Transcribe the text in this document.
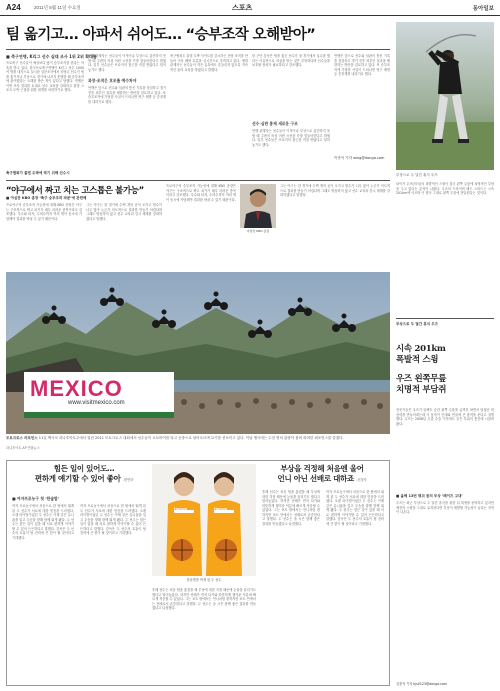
A24	2011년 5월 11일 수요일	스포츠	동아일보
팀 옮기고… 아파서 쉬어도… “승부조작 오해받아”
■ 축구연맹, K리그 선수 실태 조사 1위 2위 확대를
프로축구 선수들이 예상보다 많이 승부조작을 한다는 의혹을 받고 있다. 한국프로축구연맹이 K리그 선수 1000여 명을 대상으로 실시한 설문조사에서 상당수 선수가 팀을 옮기거나 부상으로 경기에 나서지 못했을 때 승부조작에 관여했다는 오해를 받은 적이 있다고 답했다. 연맹은 이번 조사 결과를 토대로 선수 교육을 강화하고 불법 스포츠 도박 근절을 위한 대책을 마련하기로 했다.
축구협회가 불법 도박에 막기 위해 선수시
연맹 관계자는 선수들이 이적이나 부상으로 출전하지 못할 때 주변의 의심 어린 시선을 가장 힘들어한다고 밝혔다. 일부 선수들은 브로커의 접근을 직접 받았다고 털어놓기도 했다.
과장-조작은 호조를 예수처야
연맹은 앞으로 선수와 심판의 통신 기록을 점검하고 경기 전후 외부인 접촉을 제한하는 방안을 검토하고 있다. 또 승부조작에 가담한 사실이 드러나면 영구 제명 등 중징계를 내리기로 했다.
축구협회도 불법 도박 사이트를 감시하는 전담 조직을 만들어 이상 베팅 흐름을 실시간으로 추적하고 있다. 협회 관계자는 선수들이 작은 유혹에도 흔들리지 않도록 지속적인 윤리 교육을 하겠다고 말했다.
한 구단 감독은 팀을 옮긴 선수가 첫 경기에서 실수를 했다는 이유만으로 의심을 받는 것은 부당하다며 선수들을 보호할 장치가 필요하다고 강조했다.
선수·심판 통제 새로운 구조
연맹 관계자는 선수들이 이적이나 부상으로 출전하지 못할 때 주변의 의심 어린 시선을 가장 힘들어한다고 밝혔다. 일부 선수들은 브로커의 접근을 직접 받았다고 털어놓기도 했다.
연맹은 앞으로 선수와 심판의 통신 기록을 점검하고 경기 전후 외부인 접촉을 제한하는 방안을 검토하고 있다. 또 승부조작에 가담한 사실이 드러나면 영구 제명 등 중징계를 내리기로 했다.
이종석 기자 wing@donga.com
“야구에서 짜고 치는 고스톱은 불가능”
■ 야심찬 KBO 총장 ‘축구 승부조작 파문’에 관련해
프로야구의 승부조작 가능성에 대해 KBO 총장은 야구는 구조적으로 짜고 치기가 매우 어려운 종목이라고 강조했다. 투수와 타자, 수비수까지 여러 명이 동시에 가담해야 결과를 바꿀 수 있기 때문이다.
그는 야구는 한 경기에 수백 개의 공이 오가고 변수가 너무 많아 누군가 의도적으로 결과를 만들기 어렵다며 그래도 방심하지 않고 선수 교육과 감시 체계를 강화하겠다고 말했다.
프로야구의 승부조작 가능성에 대해 KBO 총장은 야구는 구조적으로 짜고 치기가 매우 어려운 종목이라고 강조했다. 투수와 타자, 수비수까지 여러 명이 동시에 가담해야 결과를 바꿀 수 있기 때문이다.
야심찬 KBO 총장
그는 야구는 한 경기에 수백 개의 공이 오가고 변수가 너무 많아 누군가 의도적으로 결과를 만들기 어렵다며 그래도 방심하지 않고 선수 교육과 감시 체계를 강화하겠다고 말했다.
MEXICO
www.visitmexico.com
모토크로스 퍼포먼스 11일 멕시코 과나후아토주에서 열린 2011 모토크로스 대회에서 선수들이 오토바이를 타고 공중으로 날아오르며 묘기를 선보이고 있다. 이날 행사에는 수천 명의 관중이 몰려 화려한 퍼포먼스를 즐겼다.
과나후아토 AP 연합뉴스
부상으로 두 달간 휴식 우즈
타이거 우즈(미국)의 폭발적인 스윙이 결국 왼쪽 무릎에 치명적인 부담을 주고 있다는 분석이 나왔다. 우즈의 드라이버 헤드 스피드는 시속 201km에 이르며 이 힘이 그대로 왼쪽 무릎에 전달된다는 것이다.
부상으로 두 달간 휴식 우즈
시속 201km
폭발적 스윙
우즈 왼쪽무릎
치명적 부담쥐
전문가들은 우즈가 임팩트 순간 왼쪽 무릎을 급격히 펴면서 엄청난 회전력을 만들어내는데 이 동작이 인대와 연골에 큰 충격을 준다고 설명했다. 우즈는 2008년 무릎 수술 이후에도 같은 부위의 통증에 시달려 왔다.
■ 올해 13번 평위 꿈의 부상 ‘페이즈 고대’
우즈는 최근 부상으로 두 달간 휴식을 취한 뒤 복귀를 준비하고 있지만 예전의 스윙을 그대로 유지한다면 부상이 재발할 가능성이 높다는 지적이 나온다.
김종석 기자 kjs0123@donga.com
힘든 일이 있어도…
편하게 얘기할 수 있어 좋아 -변연하
부상을 걱정해 처음엔 울어
언니 아닌 선배로 대하죠 -신정자
Hanwa	Hanwa
한솥밥을 먹게 된 두 선수
■ 여자프로농구 첫 ‘한솥밥’
여자 프로농구에서 처음으로 한 팀에서 뛰게 된 두 선수가 서로에 대한 믿음을 드러냈다. 오랜 라이벌이었던 두 선수는 이제 같은 유니폼을 입고 우승을 향해 함께 뛰게 됐다. 두 선수는 힘든 일이 있을 때 서로 편하게 이야기할 수 있어 든든하다고 말했다. 감독은 두 선수의 호흡이 팀 전력에 큰 힘이 될 것이라고 기대했다.
여자 프로농구에서 처음으로 한 팀에서 뛰게 된 두 선수가 서로에 대한 믿음을 드러냈다. 오랜 라이벌이었던 두 선수는 이제 같은 유니폼을 입고 우승을 향해 함께 뛰게 됐다. 두 선수는 힘든 일이 있을 때 서로 편하게 이야기할 수 있어 든든하다고 말했다. 감독은 두 선수의 호흡이 팀 전력에 큰 힘이 될 것이라고 기대했다.
후배 선수는 처음 팀을 옮겼을 때 부상에 대한 걱정 때문에 눈물을 흘리기도 했다고 털어놓았다. 하지만 선배가 먼저 다가와 따뜻하게 챙겨준 덕분에 빠르게 적응할 수 있었다. 그는 코트 밖에서는 언니처럼 편하지만 코트 안에서는 선배로서 존중한다고 말했다. 두 선수는 올 시즌 함께 좋은 결과를 만들겠다고 다짐했다.
후배 선수는 처음 팀을 옮겼을 때 부상에 대한 걱정 때문에 눈물을 흘리기도 했다고 털어놓았다. 하지만 선배가 먼저 다가와 따뜻하게 챙겨준 덕분에 빠르게 적응할 수 있었다. 그는 코트 밖에서는 언니처럼 편하지만 코트 안에서는 선배로서 존중한다고 말했다. 두 선수는 올 시즌 함께 좋은 결과를 만들겠다고 다짐했다.
여자 프로농구에서 처음으로 한 팀에서 뛰게 된 두 선수가 서로에 대한 믿음을 드러냈다. 오랜 라이벌이었던 두 선수는 이제 같은 유니폼을 입고 우승을 향해 함께 뛰게 됐다. 두 선수는 힘든 일이 있을 때 서로 편하게 이야기할 수 있어 든든하다고 말했다. 감독은 두 선수의 호흡이 팀 전력에 큰 힘이 될 것이라고 기대했다.
